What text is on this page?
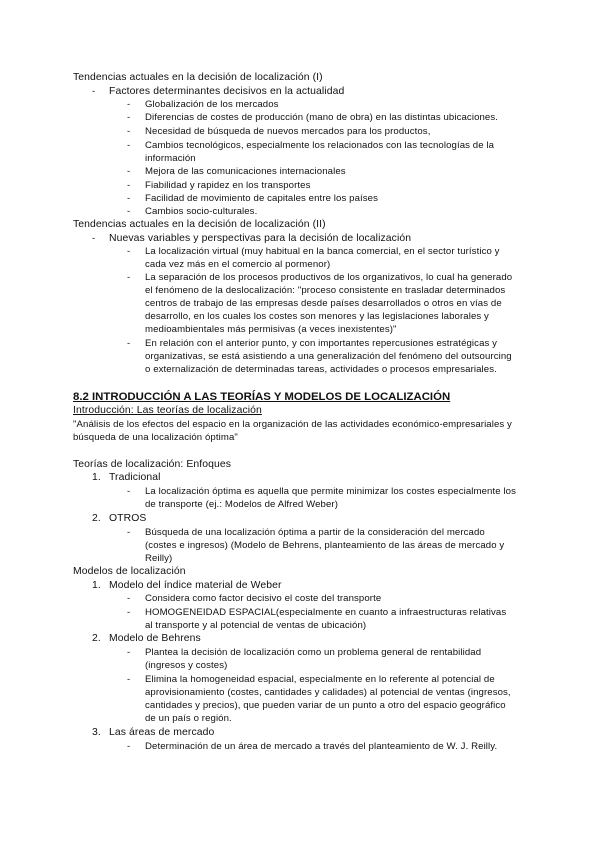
Tendencias actuales en la decisión de localización (I)
- Factores determinantes decisivos en la actualidad
- Globalización de los mercados
- Diferencias de costes de producción (mano de obra) en las distintas ubicaciones.
- Necesidad de búsqueda de nuevos mercados para los productos,
- Cambios tecnológicos, especialmente los relacionados con las tecnologías de la
información
- Mejora de las comunicaciones internacionales
- Fiabilidad y rapidez en los transportes
- Facilidad de movimiento de capitales entre los países
- Cambios socio-culturales.
Tendencias actuales en la decisión de localización (II)
- Nuevas variables y perspectivas para la decisión de localización
- La localización virtual (muy habitual en la banca comercial, en el sector turístico y
cada vez más en el comercio al pormenor)
- La separación de los procesos productivos de los organizativos, lo cual ha generado
el fenómeno de la deslocalización: "proceso consistente en trasladar determinados
centros de trabajo de las empresas desde países desarrollados o otros en vías de
desarrollo, en los cuales los costes son menores y las legislaciones laborales y
medioambientales más permisivas (a veces inexistentes)"
- En relación con el anterior punto, y con importantes repercusiones estratégicas y
organizativas, se está asistiendo a una generalización del fenómeno del outsourcing
o externalización de determinadas tareas, actividades o procesos empresariales.
8.2 INTRODUCCIÓN A LAS TEORÍAS Y MODELOS DE LOCALIZACIÓN
Introducción: Las teorías de localización
"Análisis de los efectos del espacio en la organización de las actividades económico-empresariales y
búsqueda de una localización óptima"
Teorías de localización: Enfoques
1. Tradicional
- La localización óptima es aquella que permite minimizar los costes especialmente los
de transporte (ej.: Modelos de Alfred Weber)
2. OTROS
- Búsqueda de una localización óptima a partir de la consideración del mercado
(costes e ingresos) (Modelo de Behrens, planteamiento de las áreas de mercado y
Reilly)
Modelos de localización
1. Modelo del índice material de Weber
- Considera como factor decisivo el coste del transporte
- HOMOGENEIDAD ESPACIAL(especialmente en cuanto a infraestructuras relativas
al transporte y al potencial de ventas de ubicación)
2. Modelo de Behrens
- Plantea la decisión de localización como un problema general de rentabilidad
(ingresos y costes)
- Elimina la homogeneidad espacial, especialmente en lo referente al potencial de
aprovisionamiento (costes, cantidades y calidades) al potencial de ventas (ingresos,
cantidades y precios), que pueden variar de un punto a otro del espacio geográfico
de un país o región.
3. Las áreas de mercado
- Determinación de un área de mercado a través del planteamiento de W. J. Reilly.
